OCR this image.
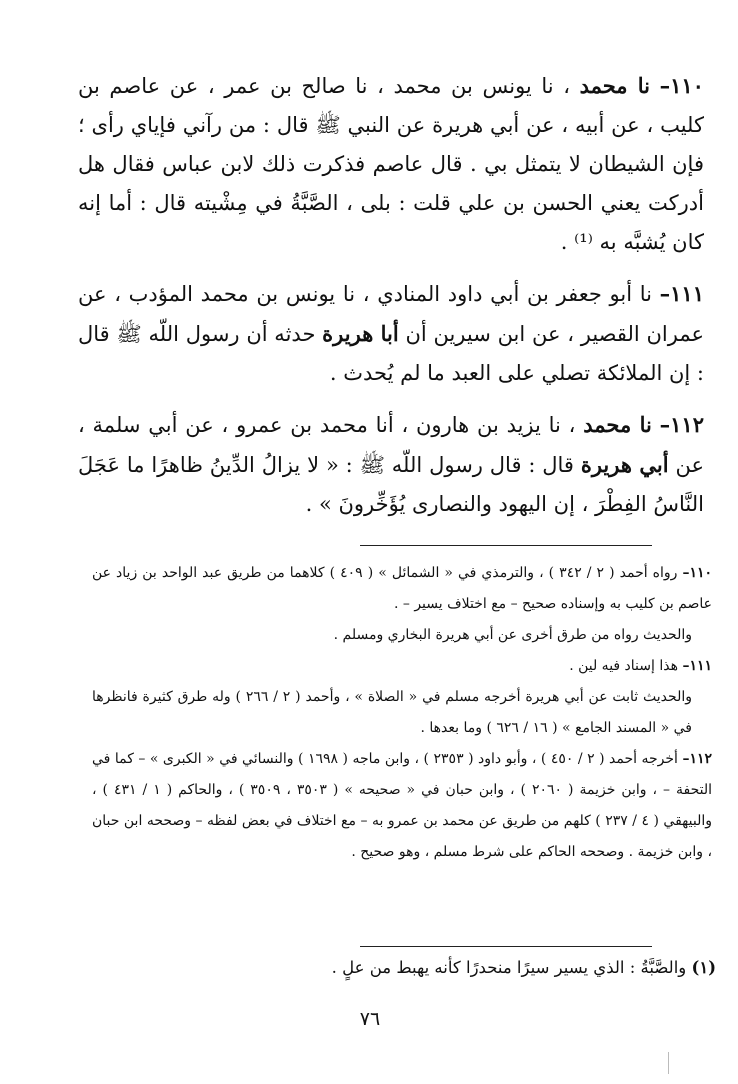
١١٠– نا محمد ، نا يونس بن محمد ، نا صالح بن عمر ، عن عاصم بن كليب ، عن أبيه ، عن أبي هريرة عن النبي ﷺ قال : من رآني فإياي رأى ؛ فإن الشيطان لا يتمثل بي . قال عاصم فذكرت ذلك لابن عباس فقال هل أدركت يعني الحسن بن علي قلت : بلى ، الصَّبَّةُ في مِشْيته قال : أما إنه كان يُشبَّه به ⁽¹⁾ .

١١١– نا أبو جعفر بن أبي داود المنادي ، نا يونس بن محمد المؤدب ، عن عمران القصير ، عن ابن سيرين أن أبا هريرة حدثه أن رسول اللّه ﷺ قال : إن الملائكة تصلي على العبد ما لم يُحدث .

١١٢– نا محمد ، نا يزيد بن هارون ، أنا محمد بن عمرو ، عن أبي سلمة ، عن أبي هريرة قال : قال رسول اللّه ﷺ : « لا يزالُ الدِّينُ ظاهرًا ما عَجَلَ النَّاسُ الفِطْرَ ، إن اليهود والنصارى يُؤَخِّرونَ » .

١١٠– رواه أحمد ( ٢ / ٣٤٢ ) ، والترمذي في « الشمائل » ( ٤٠٩ ) كلاهما من طريق عبد الواحد بن زياد عن عاصم بن كليب به وإسناده صحيح – مع اختلاف يسير – .

والحديث رواه من طرق أخرى عن أبي هريرة البخاري ومسلم .

١١١– هذا إسناد فيه لين .

والحديث ثابت عن أبي هريرة أخرجه مسلم في « الصلاة » ، وأحمد ( ٢ / ٢٦٦ ) وله طرق كثيرة فانظرها في « المسند الجامع » ( ١٦ / ٦٢٦ ) وما بعدها .

١١٢– أخرجه أحمد ( ٢ / ٤٥٠ ) ، وأبو داود ( ٢٣٥٣ ) ، وابن ماجه ( ١٦٩٨ ) والنسائي في « الكبرى » – كما في التحفة – ، وابن خزيمة ( ٢٠٦٠ ) ، وابن حبان في « صحيحه » ( ٣٥٠٣ ، ٣٥٠٩ ) ، والحاكم ( ١ / ٤٣١ ) ، والبيهقي ( ٤ / ٢٣٧ ) كلهم من طريق عن محمد بن عمرو به – مع اختلاف في بعض لفظه – وصححه ابن حبان ، وابن خزيمة . وصححه الحاكم على شرط مسلم ، وهو صحيح .

(١) والصَّبَّةُ : الذي يسير سيرًا منحدرًا كأنه يهبط من علٍ .
٧٦
